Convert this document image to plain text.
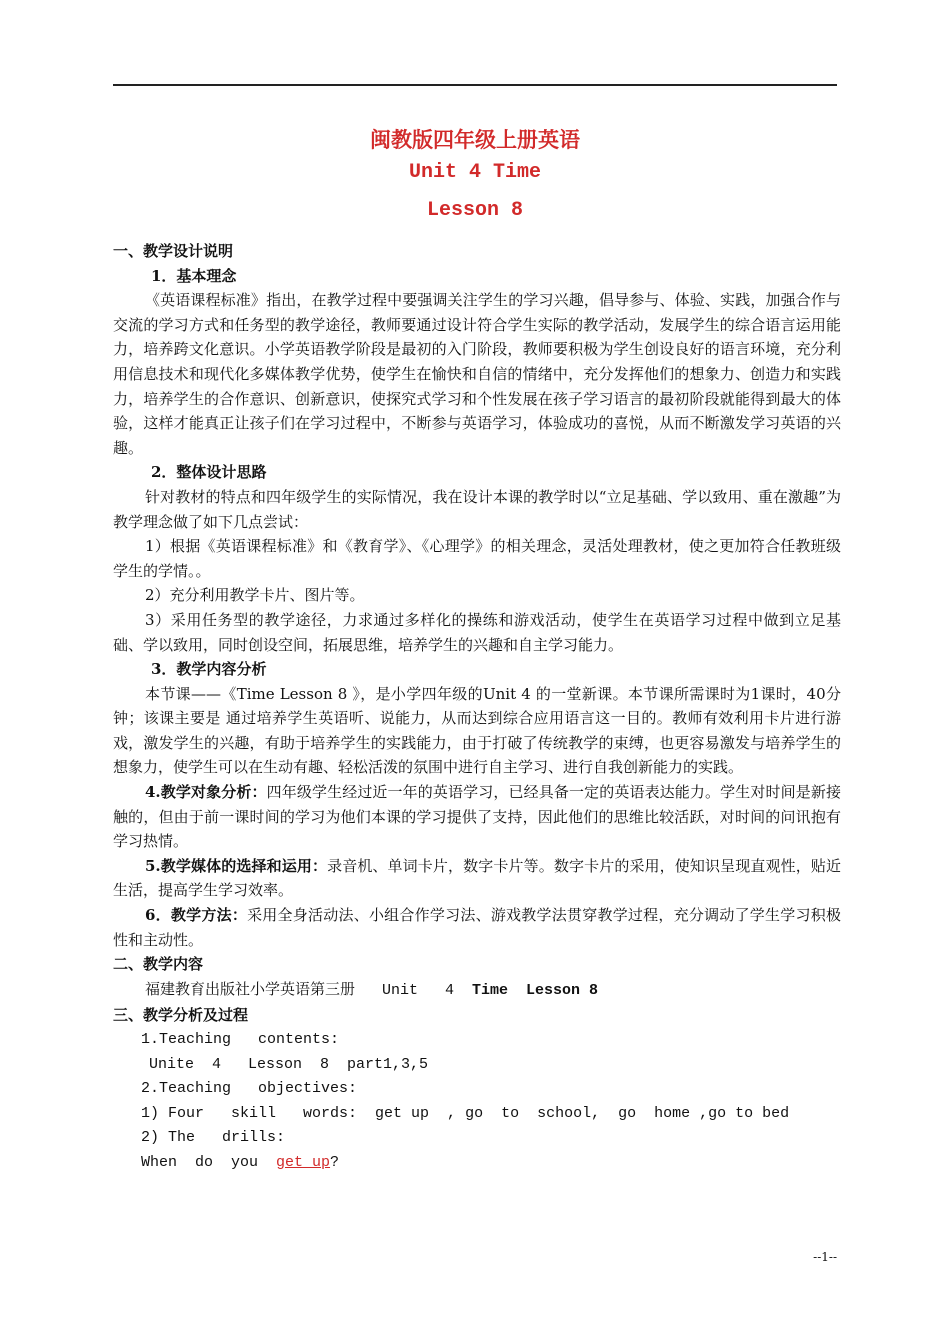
闽教版四年级上册英语
Unit 4 Time
Lesson 8

一、教学设计说明

1．基本理念

《英语课程标准》指出，在教学过程中要强调关注学生的学习兴趣，倡导参与、体验、实践，加强合作与交流的学习方式和任务型的教学途径，教师要通过设计符合学生实际的教学活动，发展学生的综合语言运用能力，培养跨文化意识。小学英语教学阶段是最初的入门阶段，教师要积极为学生创设良好的语言环境，充分利用信息技术和现代化多媒体教学优势，使学生在愉快和自信的情绪中，充分发挥他们的想象力、创造力和实践力，培养学生的合作意识、创新意识，使探究式学习和个性发展在孩子学习语言的最初阶段就能得到最大的体验，这样才能真正让孩子们在学习过程中，不断参与英语学习，体验成功的喜悦，从而不断激发学习英语的兴趣。

2．整体设计思路

针对教材的特点和四年级学生的实际情况，我在设计本课的教学时以“立足基础、学以致用、重在激趣”为教学理念做了如下几点尝试：

1）根据《英语课程标准》和《教育学》、《心理学》的相关理念，灵活处理教材，使之更加符合任教班级学生的学情。。

2）充分利用教学卡片、图片等。

3）采用任务型的教学途径，力求通过多样化的操练和游戏活动，使学生在英语学习过程中做到立足基础、学以致用，同时创设空间，拓展思维，培养学生的兴趣和自主学习能力。

3．教学内容分析

本节课——《Time Lesson 8 》，是小学四年级的Unit 4 的一堂新课。本节课所需课时为1课时，40分钟；该课主要是 通过培养学生英语听、说能力，从而达到综合应用语言这一目的。教师有效利用卡片进行游戏，激发学生的兴趣，有助于培养学生的实践能力，由于打破了传统教学的束缚，也更容易激发与培养学生的想象力，使学生可以在生动有趣、轻松活泼的氛围中进行自主学习、进行自我创新能力的实践。

4.教学对象分析：四年级学生经过近一年的英语学习，已经具备一定的英语表达能力。学生对时间是新接触的，但由于前一课时间的学习为他们本课的学习提供了支持，因此他们的思维比较活跃，对时间的问讯抱有学习热情。

5.教学媒体的选择和运用：录音机、单词卡片，数字卡片等。数字卡片的采用，使知识呈现直观性，贴近生活，提高学生学习效率。

6．教学方法：采用全身活动法、小组合作学习法、游戏教学法贯穿教学过程，充分调动了学生学习积极性和主动性。

二、教学内容

福建教育出版社小学英语第三册   Unit   4  Time  Lesson 8

三、教学分析及过程

1.Teaching   contents:

Unite  4   Lesson  8  part1,3,5

2.Teaching   objectives:

1) Four   skill   words:  get up  , go  to  school,  go  home ,go to bed

2) The   drills:

When  do  you  get up?

--1--
